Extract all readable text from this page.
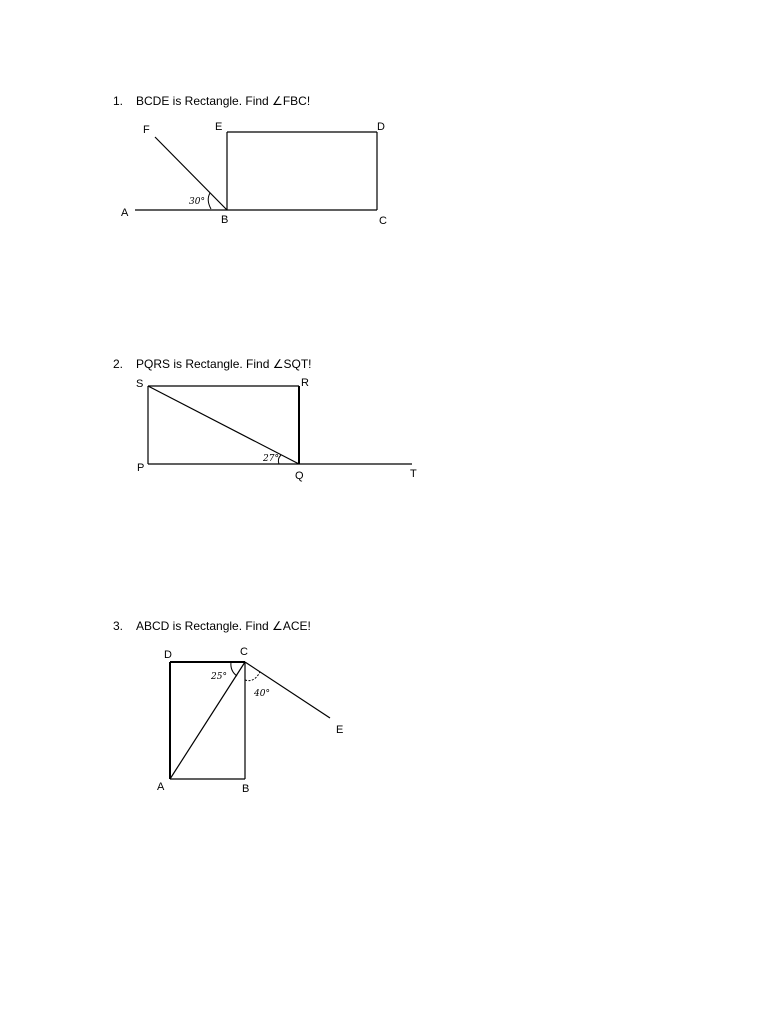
1. BCDE is Rectangle. Find ∠FBC!
30°
F	E	D
A
B	C
2. PQRS is Rectangle. Find ∠SQT!
27°
S	R
P
Q	T
3. ABCD is Rectangle. Find ∠ACE!
25°
40°
D	C
E
A	B
